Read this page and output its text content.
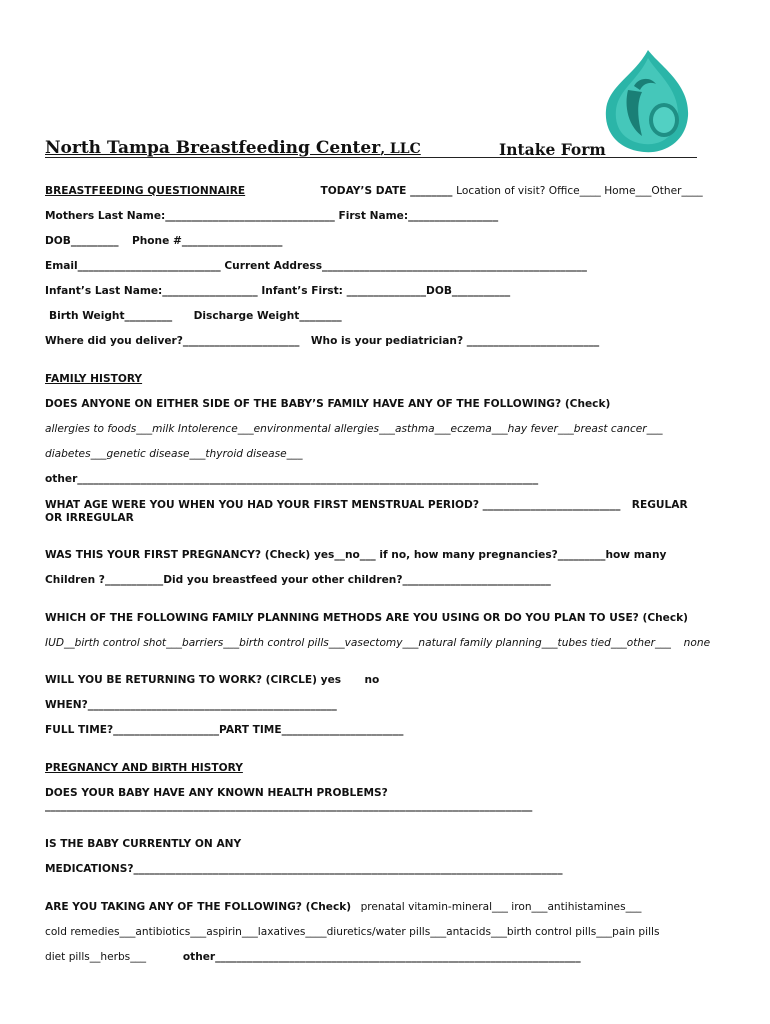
North Tampa Breastfeeding Center, LLC	Intake Form
BREASTFEEDING QUESTIONNAIRE	TODAY’S DATE ________ Location of visit? Office____ Home___Other____
Mothers Last Name:________________________________ First Name:_________________
DOB_________ Phone #___________________
Email___________________________ Current Address__________________________________________________
Infant’s Last Name:__________________ Infant’s First: _______________DOB___________
Birth Weight_________ Discharge Weight________
Where did you deliver?______________________ Who is your pediatrician? _________________________
FAMILY HISTORY
DOES ANYONE ON EITHER SIDE OF THE BABY’S FAMILY HAVE ANY OF THE FOLLOWING? (Check)
allergies to foods___milk Intolerence___environmental allergies___asthma___eczema___hay fever___breast cancer___
diabetes___genetic disease___thyroid disease___
other_______________________________________________________________________________________
WHAT AGE WERE YOU WHEN YOU HAD YOUR FIRST MENSTRUAL PERIOD? __________________________ REGULAR
OR IRREGULAR
WAS THIS YOUR FIRST PREGNANCY? (Check) yes__no___ if no, how many pregnancies?_________how many
Children ?___________Did you breastfeed your other children?____________________________
WHICH OF THE FOLLOWING FAMILY PLANNING METHODS ARE YOU USING OR DO YOU PLAN TO USE? (Check)
IUD__birth control shot___barriers___birth control pills___vasectomy___natural family planning___tubes tied___other___ none
WILL YOU BE RETURNING TO WORK? (CIRCLE) yes no
WHEN?_______________________________________________
FULL TIME?____________________PART TIME_______________________
PREGNANCY AND BIRTH HISTORY
DOES YOUR BABY HAVE ANY KNOWN HEALTH PROBLEMS?
____________________________________________________________________________________________
IS THE BABY CURRENTLY ON ANY
MEDICATIONS?_________________________________________________________________________________
ARE YOU TAKING ANY OF THE FOLLOWING? (Check) prenatal vitamin-mineral___ iron___antihistamines___
cold remedies___antibiotics___aspirin___laxatives____diuretics/water pills___antacids___birth control pills___pain pills
diet pills__herbs___	other_____________________________________________________________________
